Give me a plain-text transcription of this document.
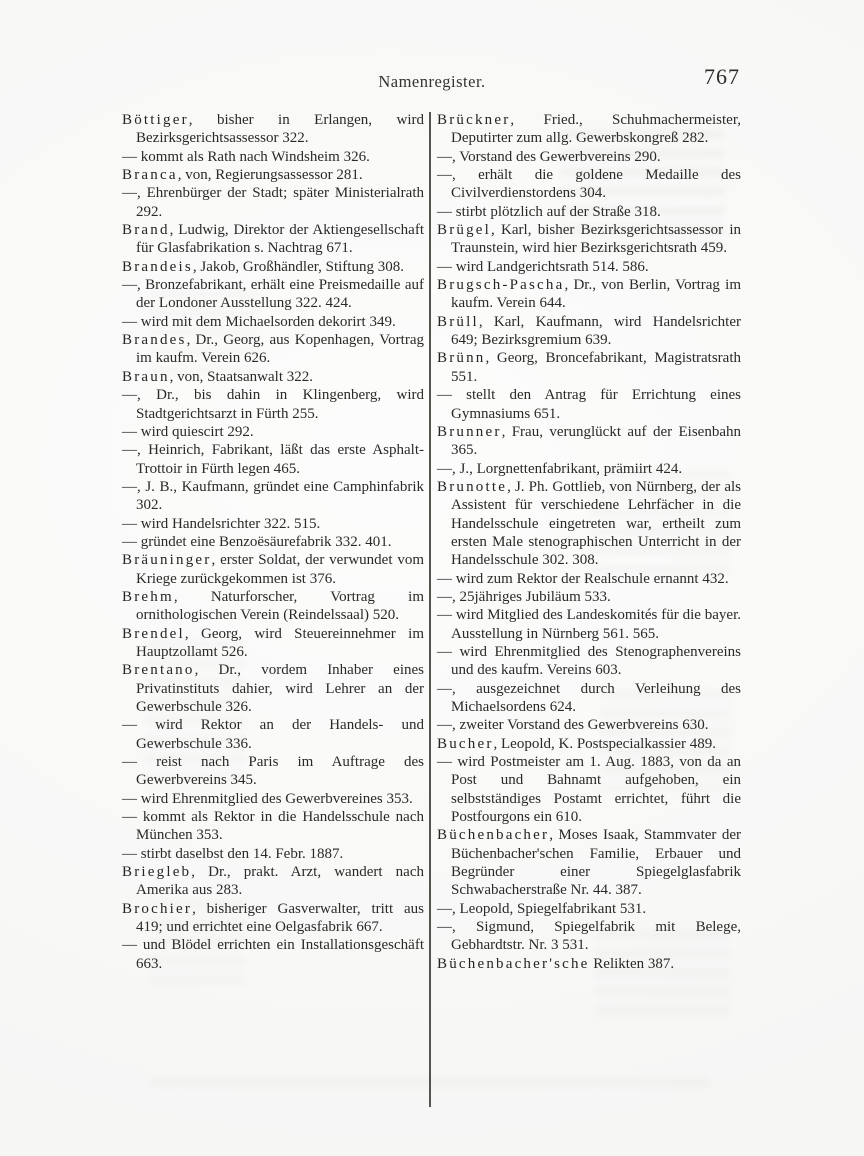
Namenregister.	767

Böttiger, bisher in Erlangen, wird Bezirksgerichtsassessor 322.

— kommt als Rath nach Windsheim 326.

Branca, von, Regierungsassessor 281.

—, Ehrenbürger der Stadt; später Ministerialrath 292.

Brand, Ludwig, Direktor der Aktiengesellschaft für Glasfabrikation s. Nachtrag 671.

Brandeis, Jakob, Großhändler, Stiftung 308.

—, Bronzefabrikant, erhält eine Preismedaille auf der Londoner Ausstellung 322. 424.

— wird mit dem Michaelsorden dekorirt 349.

Brandes, Dr., Georg, aus Kopenhagen, Vortrag im kaufm. Verein 626.

Braun, von, Staatsanwalt 322.

—, Dr., bis dahin in Klingenberg, wird Stadtgerichtsarzt in Fürth 255.

— wird quiescirt 292.

—, Heinrich, Fabrikant, läßt das erste Asphalt-Trottoir in Fürth legen 465.

—, J. B., Kaufmann, gründet eine Camphinfabrik 302.

— wird Handelsrichter 322. 515.

— gründet eine Benzoësäurefabrik 332. 401.

Bräuninger, erster Soldat, der verwundet vom Kriege zurückgekommen ist 376.

Brehm, Naturforscher, Vortrag im ornithologischen Verein (Reindelssaal) 520.

Brendel, Georg, wird Steuereinnehmer im Hauptzollamt 526.

Brentano, Dr., vordem Inhaber eines Privatinstituts dahier, wird Lehrer an der Gewerbschule 326.

— wird Rektor an der Handels- und Gewerbschule 336.

— reist nach Paris im Auftrage des Gewerbvereins 345.

— wird Ehrenmitglied des Gewerbvereines 353.

— kommt als Rektor in die Handelsschule nach München 353.

— stirbt daselbst den 14. Febr. 1887.

Briegleb, Dr., prakt. Arzt, wandert nach Amerika aus 283.

Brochier, bisheriger Gasverwalter, tritt aus 419; und errichtet eine Oelgasfabrik 667.

— und Blödel errichten ein Installationsgeschäft 663.

Brückner, Fried., Schuhmachermeister, Deputirter zum allg. Gewerbskongreß 282.

—, Vorstand des Gewerbvereins 290.

—, erhält die goldene Medaille des Civilverdienstordens 304.

— stirbt plötzlich auf der Straße 318.

Brügel, Karl, bisher Bezirksgerichtsassessor in Traunstein, wird hier Bezirksgerichtsrath 459.

— wird Landgerichtsrath 514. 586.

Brugsch-Pascha, Dr., von Berlin, Vortrag im kaufm. Verein 644.

Brüll, Karl, Kaufmann, wird Handelsrichter 649; Bezirksgremium 639.

Brünn, Georg, Broncefabrikant, Magistratsrath 551.

— stellt den Antrag für Errichtung eines Gymnasiums 651.

Brunner, Frau, verunglückt auf der Eisenbahn 365.

—, J., Lorgnettenfabrikant, prämiirt 424.

Brunotte, J. Ph. Gottlieb, von Nürnberg, der als Assistent für verschiedene Lehrfächer in die Handelsschule eingetreten war, ertheilt zum ersten Male stenographischen Unterricht in der Handelsschule 302. 308.

— wird zum Rektor der Realschule ernannt 432.

—, 25jähriges Jubiläum 533.

— wird Mitglied des Landeskomités für die bayer. Ausstellung in Nürnberg 561. 565.

— wird Ehrenmitglied des Stenographenvereins und des kaufm. Vereins 603.

—, ausgezeichnet durch Verleihung des Michaelsordens 624.

—, zweiter Vorstand des Gewerbvereins 630.

Bucher, Leopold, K. Postspecialkassier 489.

— wird Postmeister am 1. Aug. 1883, von da an Post und Bahnamt aufgehoben, ein selbstständiges Postamt errichtet, führt die Postfourgons ein 610.

Büchenbacher, Moses Isaak, Stammvater der Büchenbacher'schen Familie, Erbauer und Begründer einer Spiegelglasfabrik Schwabacherstraße Nr. 44. 387.

—, Leopold, Spiegelfabrikant 531.

—, Sigmund, Spiegelfabrik mit Belege, Gebhardtstr. Nr. 3 531.

Büchenbacher'sche Relikten 387.
